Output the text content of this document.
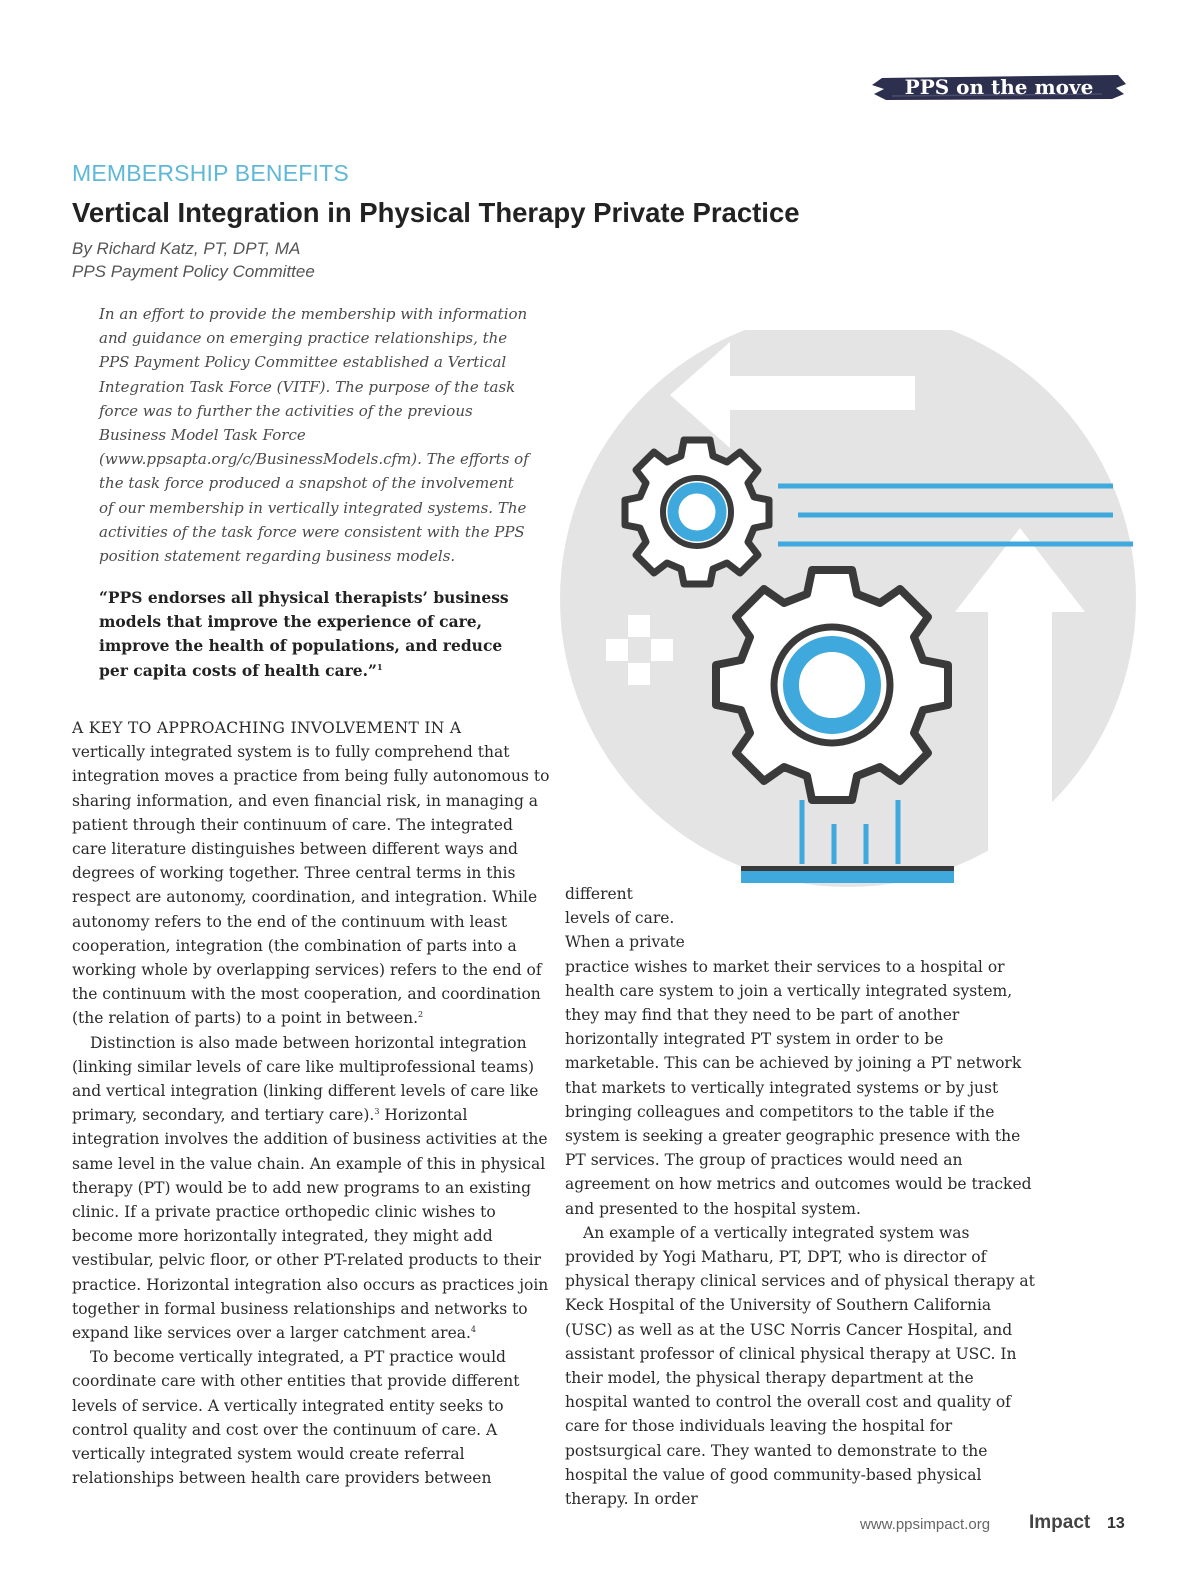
PPS on the move
MEMBERSHIP BENEFITS
Vertical Integration in Physical Therapy Private Practice
By Richard Katz, PT, DPT, MA
PPS Payment Policy Committee
In an effort to provide the membership with information and guidance on emerging practice relationships, the PPS Payment Policy Committee established a Vertical Integration Task Force (VITF). The purpose of the task force was to further the activities of the previous Business Model Task Force (www.ppsapta.org/c/BusinessModels.cfm). The efforts of the task force produced a snapshot of the involvement of our membership in vertically integrated systems. The activities of the task force were consistent with the PPS position statement regarding business models.
“PPS endorses all physical therapists’ business models that improve the experience of care, improve the health of populations, and reduce per capita costs of health care.”$^1$

A KEY TO APPROACHING INVOLVEMENT IN A
vertically integrated system is to fully comprehend that integration moves a practice from being fully autonomous to sharing information, and even financial risk, in managing a patient through their continuum of care. The integrated care literature distinguishes between different ways and degrees of working together. Three central terms in this respect are autonomy, coordination, and integration. While autonomy refers to the end of the continuum with least cooperation, integration (the combination of parts into a working whole by overlapping services) refers to the end of the continuum with the most cooperation, and coordination (the relation of parts) to a point in between.$^2$

Distinction is also made between horizontal integration (linking similar levels of care like multiprofessional teams) and vertical integration (linking different levels of care like primary, secondary, and tertiary care).$^3$ Horizontal integration involves the addition of business activities at the same level in the value chain. An example of this in physical therapy (PT) would be to add new programs to an existing clinic. If a private practice orthopedic clinic wishes to become more horizontally integrated, they might add vestibular, pelvic floor, or other PT-related products to their practice. Horizontal integration also occurs as practices join together in formal business relationships and networks to expand like services over a larger catchment area.$^4$

To become vertically integrated, a PT practice would coordinate care with other entities that provide different levels of service. A vertically integrated entity seeks to control quality and cost over the continuum of care. A vertically integrated system would create referral relationships between health care providers between

different
levels of care.
When a private
practice wishes to market their services to a hospital or health care system to join a vertically integrated system, they may find that they need to be part of another horizontally integrated PT system in order to be marketable. This can be achieved by joining a PT network that markets to vertically integrated systems or by just bringing colleagues and competitors to the table if the system is seeking a greater geographic presence with the PT services. The group of practices would need an agreement on how metrics and outcomes would be tracked and presented to the hospital system.

An example of a vertically integrated system was provided by Yogi Matharu, PT, DPT, who is director of physical therapy clinical services and of physical therapy at Keck Hospital of the University of Southern California (USC) as well as at the USC Norris Cancer Hospital, and assistant professor of clinical physical therapy at USC. In their model, the physical therapy department at the hospital wanted to control the overall cost and quality of care for those individuals leaving the hospital for postsurgical care. They wanted to demonstrate to the hospital the value of good community-based physical therapy. In order

www.ppsimpact.org Impact 13
